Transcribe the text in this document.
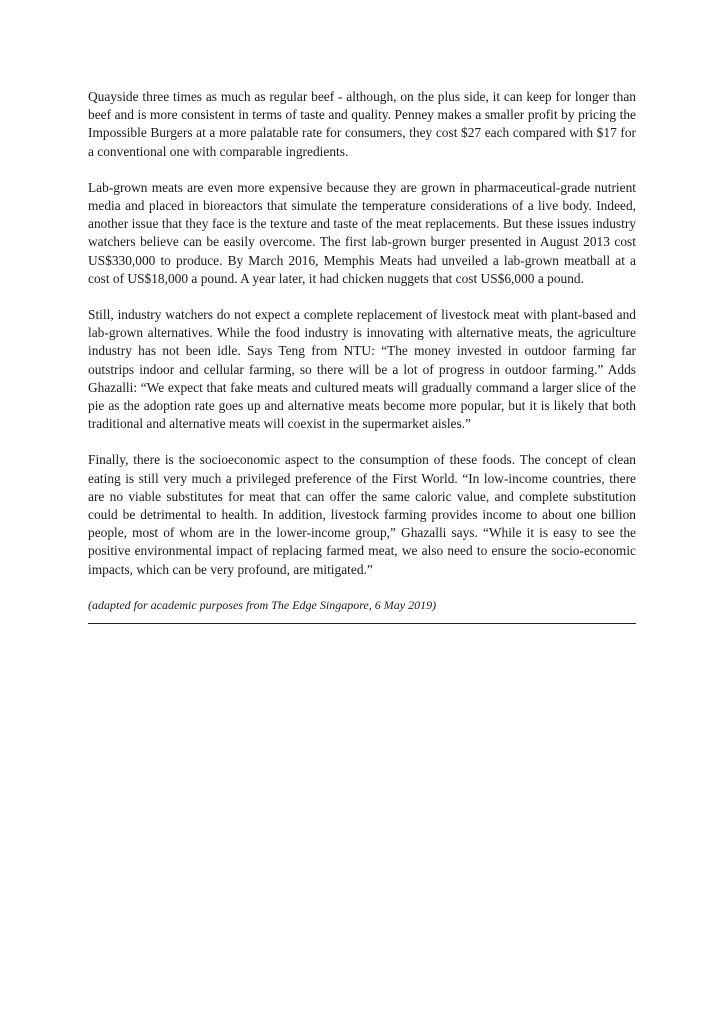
Quayside three times as much as regular beef - although, on the plus side, it can keep for longer than beef and is more consistent in terms of taste and quality. Penney makes a smaller profit by pricing the Impossible Burgers at a more palatable rate for consumers, they cost $27 each compared with $17 for a conventional one with comparable ingredients.

Lab-grown meats are even more expensive because they are grown in pharmaceutical-grade nutrient media and placed in bioreactors that simulate the temperature considerations of a live body. Indeed, another issue that they face is the texture and taste of the meat replacements. But these issues industry watchers believe can be easily overcome. The first lab-grown burger presented in August 2013 cost US$330,000 to produce. By March 2016, Memphis Meats had unveiled a lab-grown meatball at a cost of US$18,000 a pound. A year later, it had chicken nuggets that cost US$6,000 a pound.

Still, industry watchers do not expect a complete replacement of livestock meat with plant-based and lab-grown alternatives. While the food industry is innovating with alternative meats, the agriculture industry has not been idle. Says Teng from NTU: “The money invested in outdoor farming far outstrips indoor and cellular farming, so there will be a lot of progress in outdoor farming.” Adds Ghazalli: “We expect that fake meats and cultured meats will gradually command a larger slice of the pie as the adoption rate goes up and alternative meats become more popular, but it is likely that both traditional and alternative meats will coexist in the supermarket aisles.”

Finally, there is the socioeconomic aspect to the consumption of these foods. The concept of clean eating is still very much a privileged preference of the First World. “In low-income countries, there are no viable substitutes for meat that can offer the same caloric value, and complete substitution could be detrimental to health. In addition, livestock farming provides income to about one billion people, most of whom are in the lower-income group,” Ghazalli says. “While it is easy to see the positive environmental impact of replacing farmed meat, we also need to ensure the socio-economic impacts, which can be very profound, are mitigated.”

(adapted for academic purposes from The Edge Singapore, 6 May 2019)
